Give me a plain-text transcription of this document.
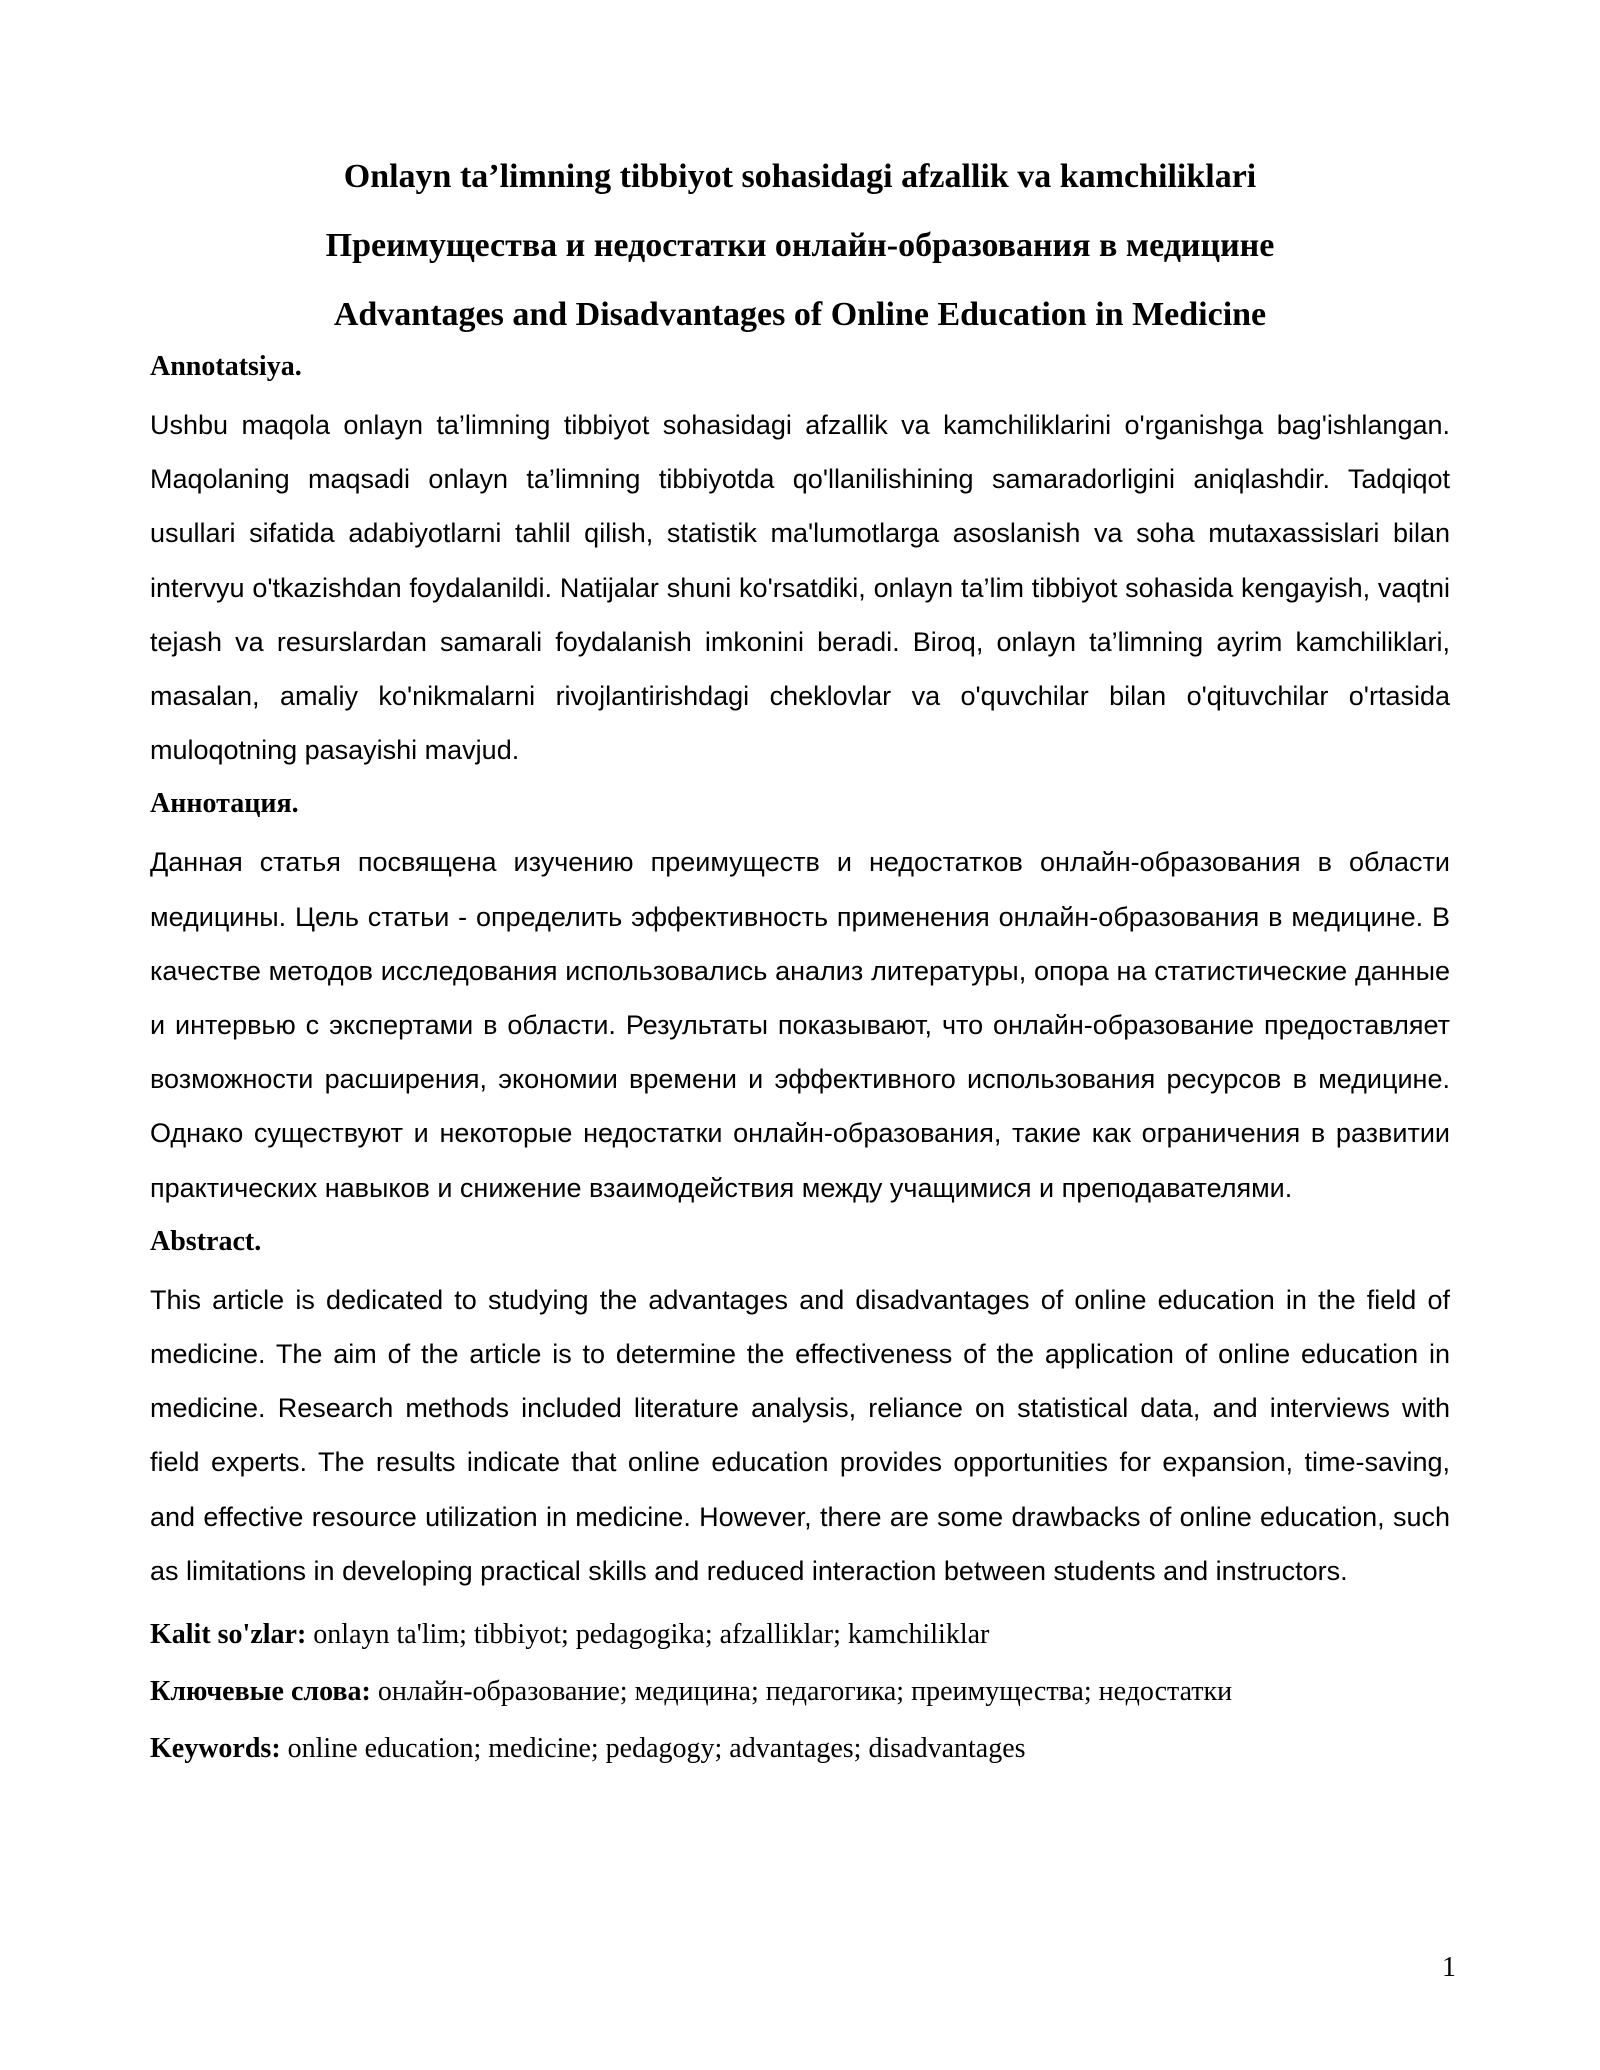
Onlayn ta’limning tibbiyot sohasidagi afzallik va kamchiliklari
Преимущества и недостатки онлайн-образования в медицине
Advantages and Disadvantages of Online Education in Medicine
Annotatsiya.

Ushbu maqola onlayn ta’limning tibbiyot sohasidagi afzallik va kamchiliklarini o'rganishga bag'ishlangan. Maqolaning maqsadi onlayn ta’limning tibbiyotda qo'llanilishining samaradorligini aniqlashdir. Tadqiqot usullari sifatida adabiyotlarni tahlil qilish, statistik ma'lumotlarga asoslanish va soha mutaxassislari bilan intervyu o'tkazishdan foydalanildi. Natijalar shuni ko'rsatdiki, onlayn ta’lim tibbiyot sohasida kengayish, vaqtni tejash va resurslardan samarali foydalanish imkonini beradi. Biroq, onlayn ta’limning ayrim kamchiliklari, masalan, amaliy ko'nikmalarni rivojlantirishdagi cheklovlar va o'quvchilar bilan o'qituvchilar o'rtasida muloqotning pasayishi mavjud.

Аннотация.

Данная статья посвящена изучению преимуществ и недостатков онлайн-образования в области медицины. Цель статьи - определить эффективность применения онлайн-образования в медицине. В качестве методов исследования использовались анализ литературы, опора на статистические данные и интервью с экспертами в области. Результаты показывают, что онлайн-образование предоставляет возможности расширения, экономии времени и эффективного использования ресурсов в медицине. Однако существуют и некоторые недостатки онлайн-образования, такие как ограничения в развитии практических навыков и снижение взаимодействия между учащимися и преподавателями.

Abstract.

This article is dedicated to studying the advantages and disadvantages of online education in the field of medicine. The aim of the article is to determine the effectiveness of the application of online education in medicine. Research methods included literature analysis, reliance on statistical data, and interviews with field experts. The results indicate that online education provides opportunities for expansion, time-saving, and effective resource utilization in medicine. However, there are some drawbacks of online education, such as limitations in developing practical skills and reduced interaction between students and instructors.

Kalit so'zlar: onlayn ta'lim; tibbiyot; pedagogika; afzalliklar; kamchiliklar

Ключевые слова: онлайн-образование; медицина; педагогика; преимущества; недостатки

Keywords: online education; medicine; pedagogy; advantages; disadvantages

1
